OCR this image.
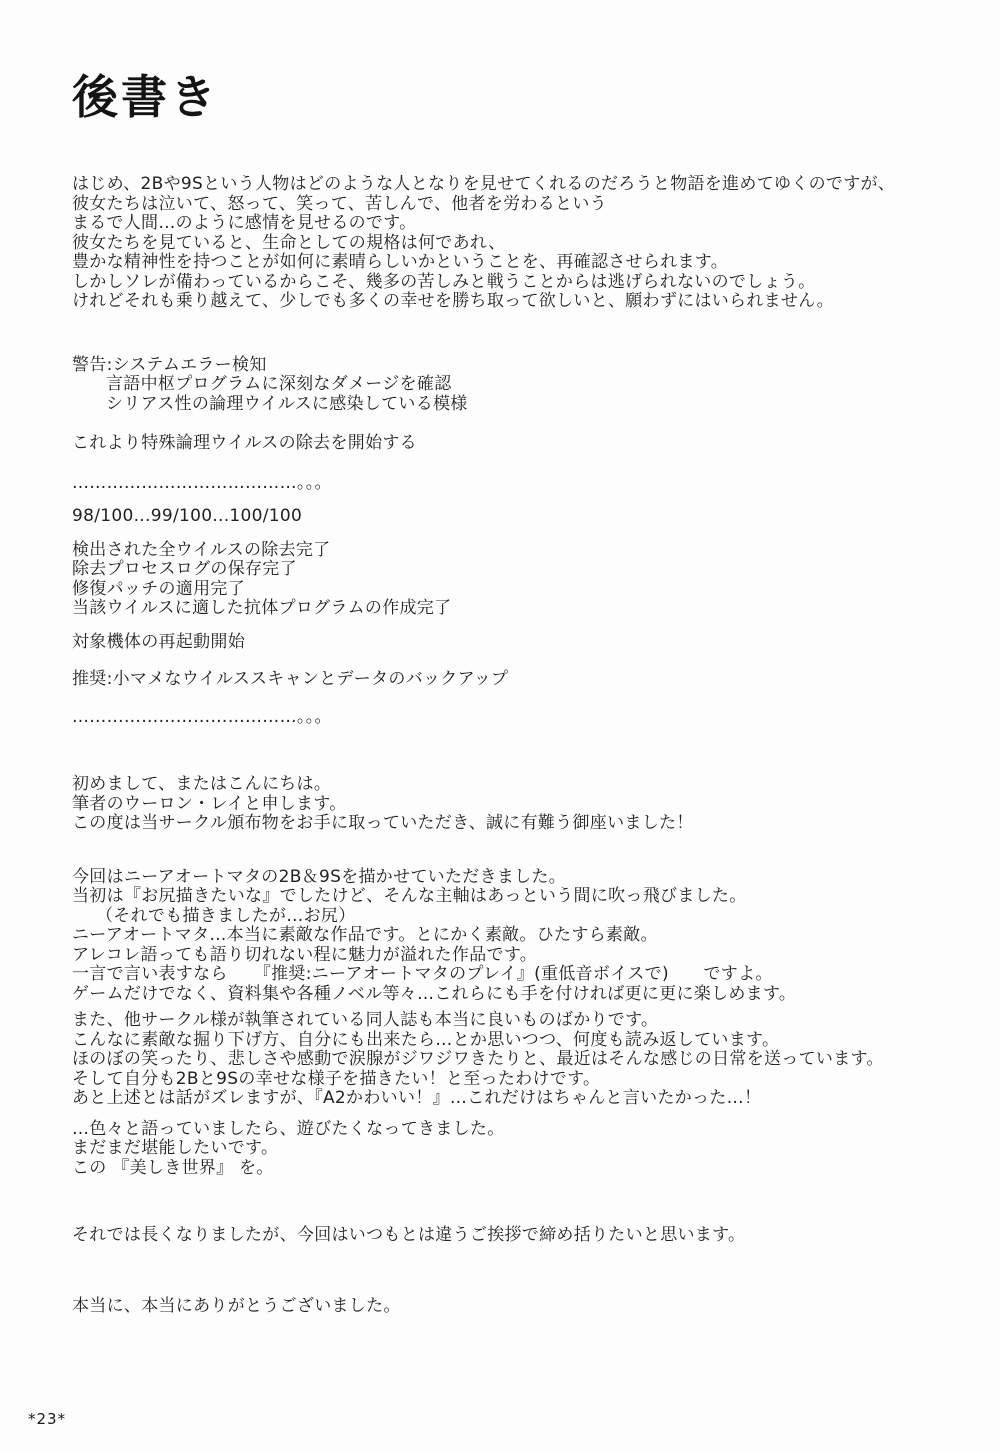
後書き
はじめ、2Bや9Sという人物はどのような人となりを見せてくれるのだろうと物語を進めてゆくのですが、
彼女たちは泣いて、怒って、笑って、苦しんで、他者を労わるという
まるで人間…のように感情を見せるのです。
彼女たちを見ていると、生命としての規格は何であれ、
豊かな精神性を持つことが如何に素晴らしいかということを、再確認させられます。
しかしソレが備わっているからこそ、幾多の苦しみと戦うことからは逃げられないのでしょう。
けれどそれも乗り越えて、少しでも多くの幸せを勝ち取って欲しいと、願わずにはいられません。
警告:システムエラー検知
言語中枢プログラムに深刻なダメージを確認
シリアス性の論理ウイルスに感染している模様
これより特殊論理ウイルスの除去を開始する
…………………………………。。。
98/100...99/100...100/100
検出された全ウイルスの除去完了
除去プロセスログの保存完了
修復パッチの適用完了
当該ウイルスに適した抗体プログラムの作成完了
対象機体の再起動開始
推奨:小マメなウイルススキャンとデータのバックアップ
…………………………………。。。
初めまして、またはこんにちは。
筆者のウーロン・レイと申します。
この度は当サークル頒布物をお手に取っていただき、誠に有難う御座いました！
今回はニーアオートマタの2B＆9Sを描かせていただきました。
当初は『お尻描きたいな』でしたけど、そんな主軸はあっという間に吹っ飛びました。
（それでも描きましたが…お尻）
ニーアオートマタ…本当に素敵な作品です。とにかく素敵。ひたすら素敵。
アレコレ語っても語り切れない程に魅力が溢れた作品です。
一言で言い表すなら　　『推奨:ニーアオートマタのプレイ』(重低音ボイスで)　　ですよ。
ゲームだけでなく、資料集や各種ノベル等々…これらにも手を付ければ更に更に楽しめます。
また、他サークル様が執筆されている同人誌も本当に良いものばかりです。
こんなに素敵な掘り下げ方、自分にも出来たら…とか思いつつ、何度も読み返しています。
ほのぼの笑ったり、悲しさや感動で涙腺がジワジワきたりと、最近はそんな感じの日常を送っています。
そして自分も2Bと9Sの幸せな様子を描きたい！と至ったわけです。
あと上述とは話がズレますが、『A2かわいい！』…これだけはちゃんと言いたかった…！
…色々と語っていましたら、遊びたくなってきました。
まだまだ堪能したいです。
この 『美しき世界』 を。
それでは長くなりましたが、今回はいつもとは違うご挨拶で締め括りたいと思います。
本当に、本当にありがとうございました。
*23*
